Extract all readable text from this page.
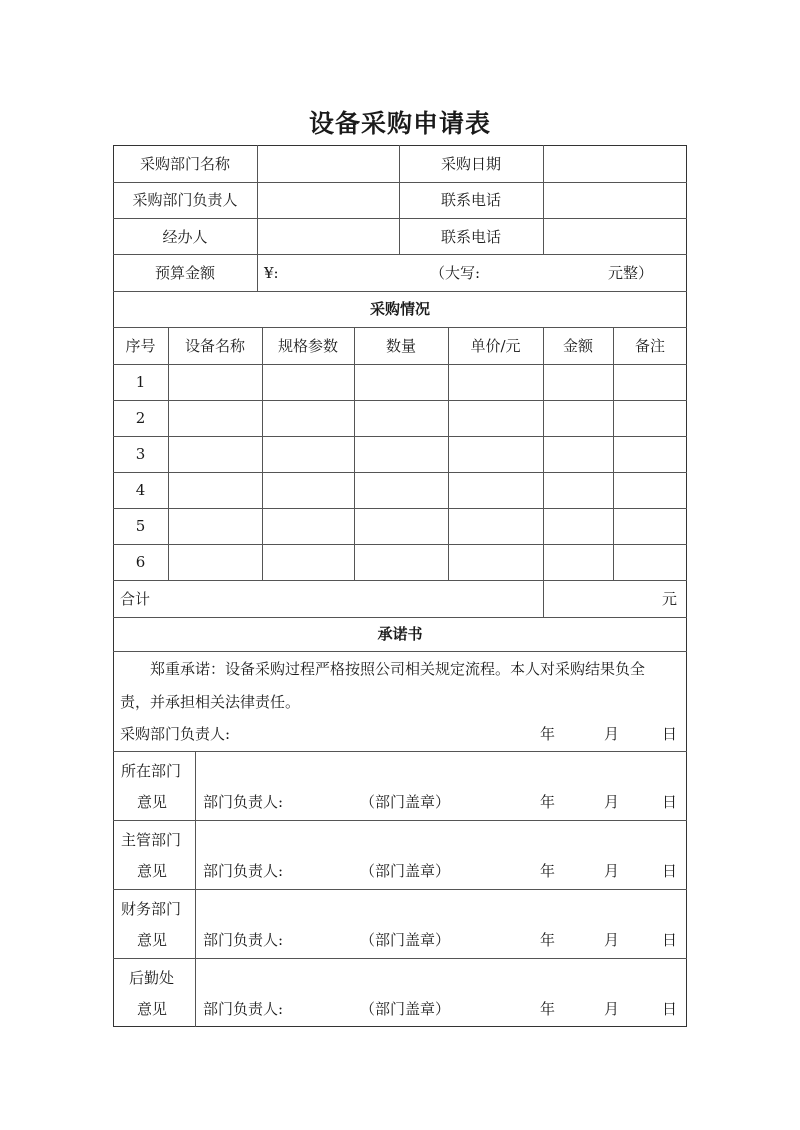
设备采购申请表
采购部门名称	采购日期
采购部门负责人	联系电话
经办人	联系电话
预算金额	¥:	（大写:	元整）
采购情况
序号	设备名称	规格参数	数量	单价/元	金额	备注
1
2
3
4
5
6
合计	元
承诺书
郑重承诺：设备采购过程严格按照公司相关规定流程。本人对采购结果负全
责，并承担相关法律责任。
采购部门负责人:	年	月	日
所在部门
意见 部门负责人:	（部门盖章）	年	月	日
主管部门
意见 部门负责人:	（部门盖章）	年	月	日
财务部门
意见 部门负责人:	（部门盖章）	年	月	日
后勤处
意见 部门负责人:	（部门盖章）	年	月	日
